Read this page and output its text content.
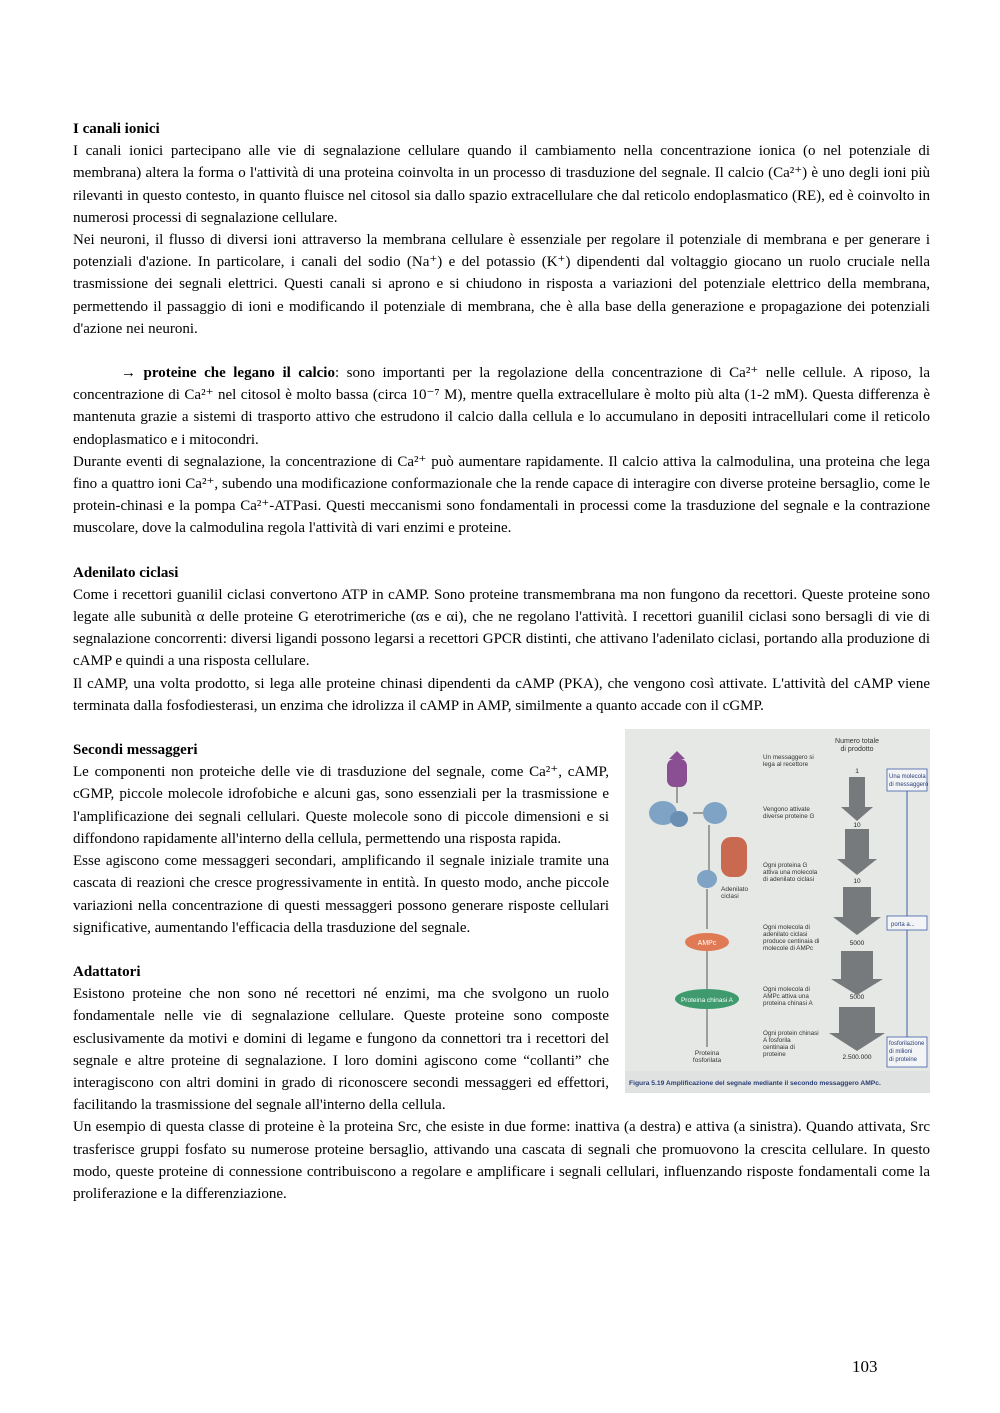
I canali ionici

I canali ionici partecipano alle vie di segnalazione cellulare quando il cambiamento nella concentrazione ionica (o nel potenziale di membrana) altera la forma o l'attività di una proteina coinvolta in un processo di trasduzione del segnale. Il calcio (Ca²⁺) è uno degli ioni più rilevanti in questo contesto, in quanto fluisce nel citosol sia dallo spazio extracellulare che dal reticolo endoplasmatico (RE), ed è coinvolto in numerosi processi di segnalazione cellulare.

Nei neuroni, il flusso di diversi ioni attraverso la membrana cellulare è essenziale per regolare il potenziale di membrana e per generare i potenziali d'azione. In particolare, i canali del sodio (Na⁺) e del potassio (K⁺) dipendenti dal voltaggio giocano un ruolo cruciale nella trasmissione dei segnali elettrici. Questi canali si aprono e si chiudono in risposta a variazioni del potenziale elettrico della membrana, permettendo il passaggio di ioni e modificando il potenziale di membrana, che è alla base della generazione e propagazione dei potenziali d'azione nei neuroni.

→ proteine che legano il calcio: sono importanti per la regolazione della concentrazione di Ca²⁺ nelle cellule. A riposo, la concentrazione di Ca²⁺ nel citosol è molto bassa (circa 10⁻⁷ M), mentre quella extracellulare è molto più alta (1-2 mM). Questa differenza è mantenuta grazie a sistemi di trasporto attivo che estrudono il calcio dalla cellula e lo accumulano in depositi intracellulari come il reticolo endoplasmatico e i mitocondri.

Durante eventi di segnalazione, la concentrazione di Ca²⁺ può aumentare rapidamente. Il calcio attiva la calmodulina, una proteina che lega fino a quattro ioni Ca²⁺, subendo una modificazione conformazionale che la rende capace di interagire con diverse proteine bersaglio, come le protein-chinasi e la pompa Ca²⁺-ATPasi. Questi meccanismi sono fondamentali in processi come la trasduzione del segnale e la contrazione muscolare, dove la calmodulina regola l'attività di vari enzimi e proteine.

Adenilato ciclasi

Come i recettori guanilil ciclasi convertono ATP in cAMP. Sono proteine transmembrana ma non fungono da recettori. Queste proteine sono legate alle subunità α delle proteine G eterotrimeriche (αs e αi), che ne regolano l'attività. I recettori guanilil ciclasi sono bersagli di vie di segnalazione concorrenti: diversi ligandi possono legarsi a recettori GPCR distinti, che attivano l'adenilato ciclasi, portando alla produzione di cAMP e quindi a una risposta cellulare.

Il cAMP, una volta prodotto, si lega alle proteine chinasi dipendenti da cAMP (PKA), che vengono così attivate. L'attività del cAMP viene terminata dalla fosfodiesterasi, un enzima che idrolizza il cAMP in AMP, similmente a quanto accade con il cGMP.

Numero totale di prodotto
Adenilato ciclasi
AMPc
Proteina chinasi A
Proteina fosforilata
Un messaggero si lega al recettore
Vengono attivate diverse proteine G
Ogni proteina G attiva una molecola di adenilato ciclasi
Ogni molecola di adenilato ciclasi produce centinaia di molecole di AMPc
Ogni molecola di AMPc attiva una proteina chinasi A
Ogni protein chinasi A fosforila centinaia di proteine
1
10
10
5000
5000
2.500.000
Una molecola di messaggero
porta a...
fosforilazione di milioni di proteine
Figura 5.19 Amplificazione del segnale mediante il secondo messaggero AMPc.
Secondi messaggeri

Le componenti non proteiche delle vie di trasduzione del segnale, come Ca²⁺, cAMP, cGMP, piccole molecole idrofobiche e alcuni gas, sono essenziali per la trasmissione e l'amplificazione dei segnali cellulari. Queste molecole sono di piccole dimensioni e si diffondono rapidamente all'interno della cellula, permettendo una risposta rapida.

Esse agiscono come messaggeri secondari, amplificando il segnale iniziale tramite una cascata di reazioni che cresce progressivamente in entità. In questo modo, anche piccole variazioni nella concentrazione di questi messaggeri possono generare risposte cellulari significative, aumentando l'efficacia della trasduzione del segnale.

Adattatori

Esistono proteine che non sono né recettori né enzimi, ma che svolgono un ruolo fondamentale nelle vie di segnalazione cellulare. Queste proteine sono composte esclusivamente da motivi e domini di legame e fungono da connettori tra i recettori del segnale e altre proteine di segnalazione. I loro domini agiscono come “collanti” che interagiscono con altri domini in grado di riconoscere secondi messaggeri ed effettori, facilitando la trasmissione del segnale all'interno della cellula.

Un esempio di questa classe di proteine è la proteina Src, che esiste in due forme: inattiva (a destra) e attiva (a sinistra). Quando attivata, Src trasferisce gruppi fosfato su numerose proteine bersaglio, attivando una cascata di segnali che promuovono la crescita cellulare. In questo modo, queste proteine di connessione contribuiscono a regolare e amplificare i segnali cellulari, influenzando risposte fondamentali come la proliferazione e la differenziazione.

103
